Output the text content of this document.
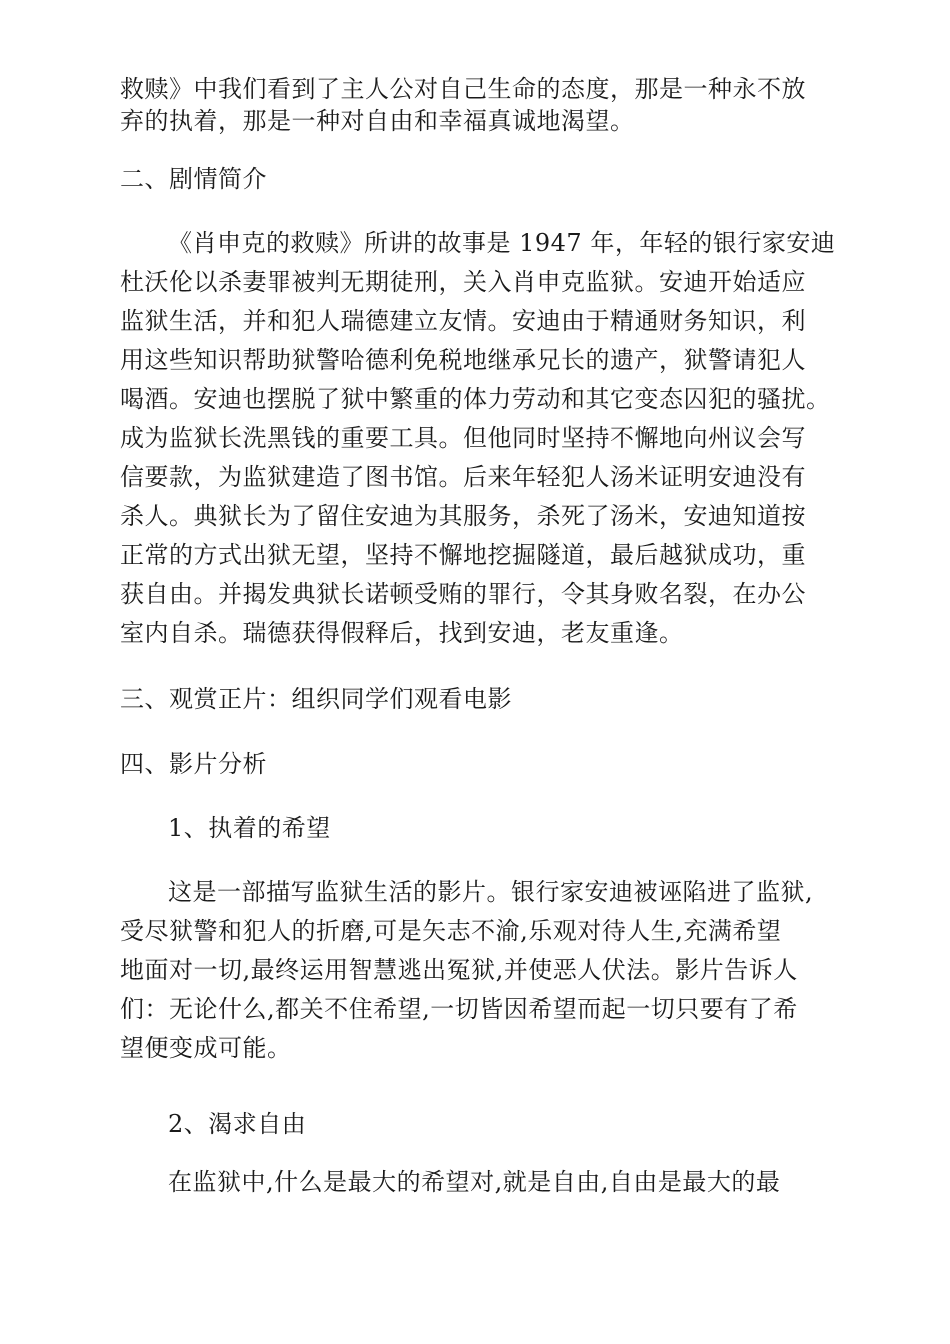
救赎》中我们看到了主人公对自己生命的态度，那是一种永不放
弃的执着，那是一种对自由和幸福真诚地渴望。
二、剧情简介
《肖申克的救赎》所讲的故事是 1947 年，年轻的银行家安迪
杜沃伦以杀妻罪被判无期徒刑，关入肖申克监狱。安迪开始适应
监狱生活，并和犯人瑞德建立友情。安迪由于精通财务知识，利
用这些知识帮助狱警哈德利免税地继承兄长的遗产，狱警请犯人
喝酒。安迪也摆脱了狱中繁重的体力劳动和其它变态囚犯的骚扰。
成为监狱长洗黑钱的重要工具。但他同时坚持不懈地向州议会写
信要款，为监狱建造了图书馆。后来年轻犯人汤米证明安迪没有
杀人。典狱长为了留住安迪为其服务，杀死了汤米，安迪知道按
正常的方式出狱无望，坚持不懈地挖掘隧道，最后越狱成功，重
获自由。并揭发典狱长诺顿受贿的罪行，令其身败名裂，在办公
室内自杀。瑞德获得假释后，找到安迪，老友重逢。
三、观赏正片：组织同学们观看电影
四、影片分析
1、执着的希望
这是一部描写监狱生活的影片。银行家安迪被诬陷进了监狱,
受尽狱警和犯人的折磨,可是矢志不渝,乐观对待人生,充满希望
地面对一切,最终运用智慧逃出冤狱,并使恶人伏法。影片告诉人
们：无论什么,都关不住希望,一切皆因希望而起一切只要有了希
望便变成可能。
2、渴求自由
在监狱中,什么是最大的希望对,就是自由,自由是最大的最
